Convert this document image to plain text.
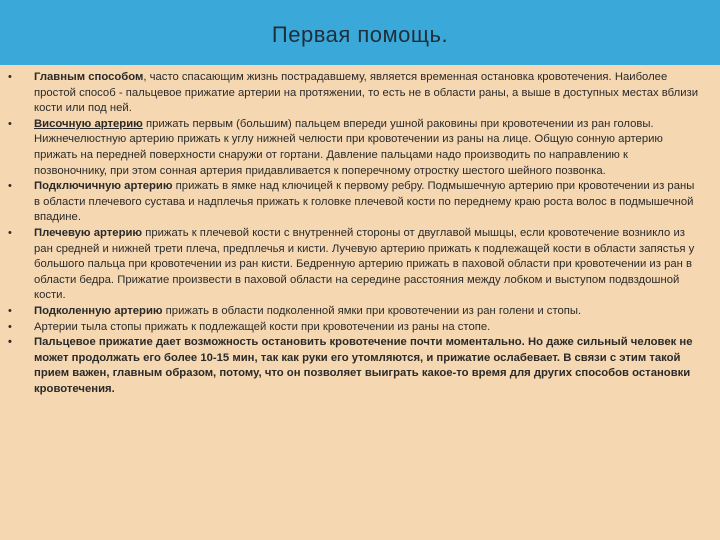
Первая помощь.

• Главным способом, часто спасающим жизнь пострадавшему, является временная остановка кровотечения. Наиболее простой способ - пальцевое прижатие артерии на протяжении, то есть не в области раны, а выше в доступных местах вблизи кости или под ней.

• Височную артерию прижать первым (большим) пальцем впереди ушной раковины при кровотечении из ран головы. Нижнечелюстную артерию прижать к углу нижней челюсти при кровотечении из раны на лице. Общую сонную артерию прижать на передней поверхности снаружи от гортани. Давление пальцами надо производить по направлению к позвоночнику, при этом сонная артерия придавливается к поперечному отростку шестого шейного позвонка.

• Подключичную артерию прижать в ямке над ключицей к первому ребру. Подмышечную артерию при кровотечении из раны в области плечевого сустава и надплечья прижать к головке плечевой кости по переднему краю роста волос в подмышечной впадине.

• Плечевую артерию прижать к плечевой кости с внутренней стороны от двуглавой мышцы, если кровотечение возникло из ран средней и нижней трети плеча, предплечья и кисти. Лучевую артерию прижать к подлежащей кости в области запястья у большого пальца при кровотечении из ран кисти. Бедренную артерию прижать в паховой области при кровотечении из ран в области бедра. Прижатие произвести в паховой области на середине расстояния между лобком и выступом подвздошной кости.

• Подколенную артерию прижать в области подколенной ямки при кровотечении из ран голени и стопы.

• Артерии тыла стопы прижать к подлежащей кости при кровотечении из раны на стопе.

• Пальцевое прижатие дает возможность остановить кровотечение почти моментально. Но даже сильный человек не может продолжать его более 10-15 мин, так как руки его утомляются, и прижатие ослабевает. В связи с этим такой прием важен, главным образом, потому, что он позволяет выиграть какое-то время для других способов остановки кровотечения.
